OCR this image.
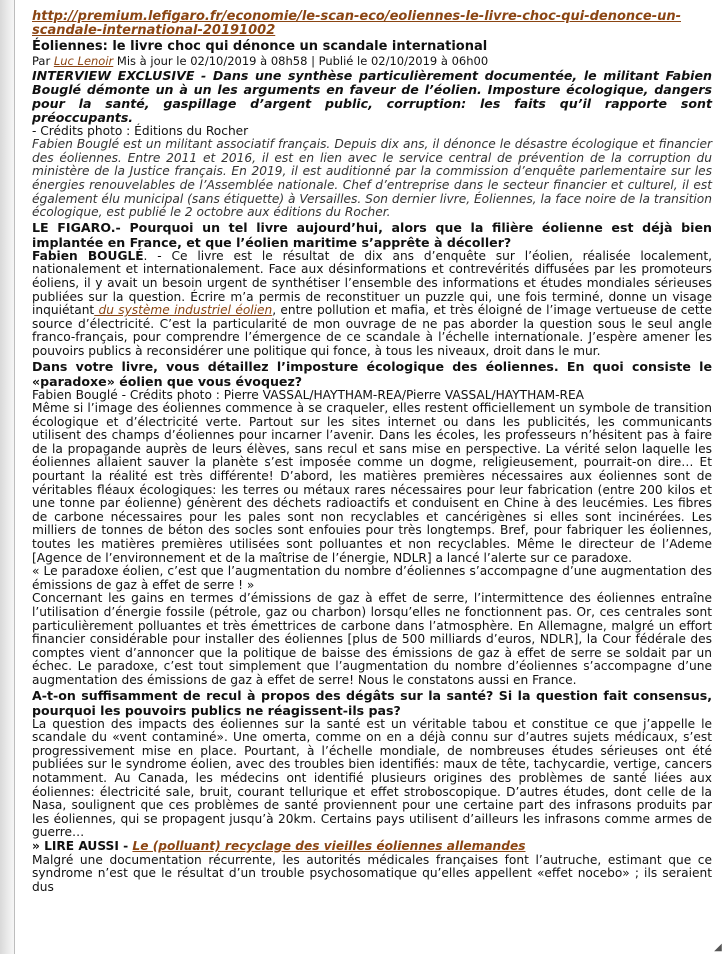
http://premium.lefigaro.fr/economie/le-scan-eco/eoliennes-le-livre-choc-qui-denonce-un-scandale-international-20191002

Éoliennes: le livre choc qui dénonce un scandale international

Par Luc Lenoir Mis à jour le 02/10/2019 à 08h58 | Publié le 02/10/2019 à 06h00

INTERVIEW EXCLUSIVE - Dans une synthèse particulièrement documentée, le militant Fabien Bouglé démonte un à un les arguments en faveur de l’éolien. Imposture écologique, dangers pour la santé, gaspillage d’argent public, corruption: les faits qu’il rapporte sont préoccupants.

- Crédits photo : Éditions du Rocher

Fabien Bouglé est un militant associatif français. Depuis dix ans, il dénonce le désastre écologique et financier des éoliennes. Entre 2011 et 2016, il est en lien avec le service central de prévention de la corruption du ministère de la Justice français. En 2019, il est auditionné par la commission d’enquête parlementaire sur les énergies renouvelables de l’Assemblée nationale. Chef d’entreprise dans le secteur financier et culturel, il est également élu municipal (sans étiquette) à Versailles. Son dernier livre, Éoliennes, la face noire de la transition écologique, est publié le 2 octobre aux éditions du Rocher.

LE FIGARO.- Pourquoi un tel livre aujourd’hui, alors que la filière éolienne est déjà bien implantée en France, et que l’éolien maritime s’apprête à décoller?

Fabien BOUGLÉ. - Ce livre est le résultat de dix ans d’enquête sur l’éolien, réalisée localement, nationalement et internationalement. Face aux désinformations et contrevérités diffusées par les promoteurs éoliens, il y avait un besoin urgent de synthétiser l’ensemble des informations et études mondiales sérieuses publiées sur la question. Écrire m’a permis de reconstituer un puzzle qui, une fois terminé, donne un visage inquiétant du système industriel éolien, entre pollution et mafia, et très éloigné de l’image vertueuse de cette source d’électricité. C’est la particularité de mon ouvrage de ne pas aborder la question sous le seul angle franco-français, pour comprendre l’émergence de ce scandale à l’échelle internationale. J’espère amener les pouvoirs publics à reconsidérer une politique qui fonce, à tous les niveaux, droit dans le mur.

Dans votre livre, vous détaillez l’imposture écologique des éoliennes. En quoi consiste le «paradoxe» éolien que vous évoquez?

Fabien Bouglé - Crédits photo : Pierre VASSAL/HAYTHAM-REA/Pierre VASSAL/HAYTHAM-REA

Même si l’image des éoliennes commence à se craqueler, elles restent officiellement un symbole de transition écologique et d’électricité verte. Partout sur les sites internet ou dans les publicités, les communicants utilisent des champs d’éoliennes pour incarner l’avenir. Dans les écoles, les professeurs n’hésitent pas à faire de la propagande auprès de leurs élèves, sans recul et sans mise en perspective. La vérité selon laquelle les éoliennes allaient sauver la planète s’est imposée comme un dogme, religieusement, pourrait-on dire… Et pourtant la réalité est très différente! D’abord, les matières premières nécessaires aux éoliennes sont de véritables fléaux écologiques: les terres ou métaux rares nécessaires pour leur fabrication (entre 200 kilos et une tonne par éolienne) génèrent des déchets radioactifs et conduisent en Chine à des leucémies. Les fibres de carbone nécessaires pour les pales sont non recyclables et cancérigènes si elles sont incinérées. Les milliers de tonnes de béton des socles sont enfouies pour très longtemps. Bref, pour fabriquer les éoliennes, toutes les matières premières utilisées sont polluantes et non recyclables. Même le directeur de l’Ademe [Agence de l’environnement et de la maîtrise de l’énergie, NDLR] a lancé l’alerte sur ce paradoxe.

« Le paradoxe éolien, c’est que l’augmentation du nombre d’éoliennes s’accompagne d’une augmentation des émissions de gaz à effet de serre ! »

Concernant les gains en termes d’émissions de gaz à effet de serre, l’intermittence des éoliennes entraîne l’utilisation d’énergie fossile (pétrole, gaz ou charbon) lorsqu’elles ne fonctionnent pas. Or, ces centrales sont particulièrement polluantes et très émettrices de carbone dans l’atmosphère. En Allemagne, malgré un effort financier considérable pour installer des éoliennes [plus de 500 milliards d’euros, NDLR], la Cour fédérale des comptes vient d’annoncer que la politique de baisse des émissions de gaz à effet de serre se soldait par un échec. Le paradoxe, c’est tout simplement que l’augmentation du nombre d’éoliennes s’accompagne d’une augmentation des émissions de gaz à effet de serre! Nous le constatons aussi en France.

A-t-on suffisamment de recul à propos des dégâts sur la santé? Si la question fait consensus, pourquoi les pouvoirs publics ne réagissent-ils pas?

La question des impacts des éoliennes sur la santé est un véritable tabou et constitue ce que j’appelle le scandale du «vent contaminé». Une omerta, comme on en a déjà connu sur d’autres sujets médicaux, s’est progressivement mise en place. Pourtant, à l’échelle mondiale, de nombreuses études sérieuses ont été publiées sur le syndrome éolien, avec des troubles bien identifiés: maux de tête, tachycardie, vertige, cancers notamment. Au Canada, les médecins ont identifié plusieurs origines des problèmes de santé liées aux éoliennes: électricité sale, bruit, courant tellurique et effet stroboscopique. D’autres études, dont celle de la Nasa, soulignent que ces problèmes de santé proviennent pour une certaine part des infrasons produits par les éoliennes, qui se propagent jusqu’à 20km. Certains pays utilisent d’ailleurs les infrasons comme armes de guerre…

» LIRE AUSSI - Le (polluant) recyclage des vieilles éoliennes allemandes

Malgré une documentation récurrente, les autorités médicales françaises font l’autruche, estimant que ce syndrome n’est que le résultat d’un trouble psychosomatique qu’elles appellent «effet nocebo» ; ils seraient dus

◢
